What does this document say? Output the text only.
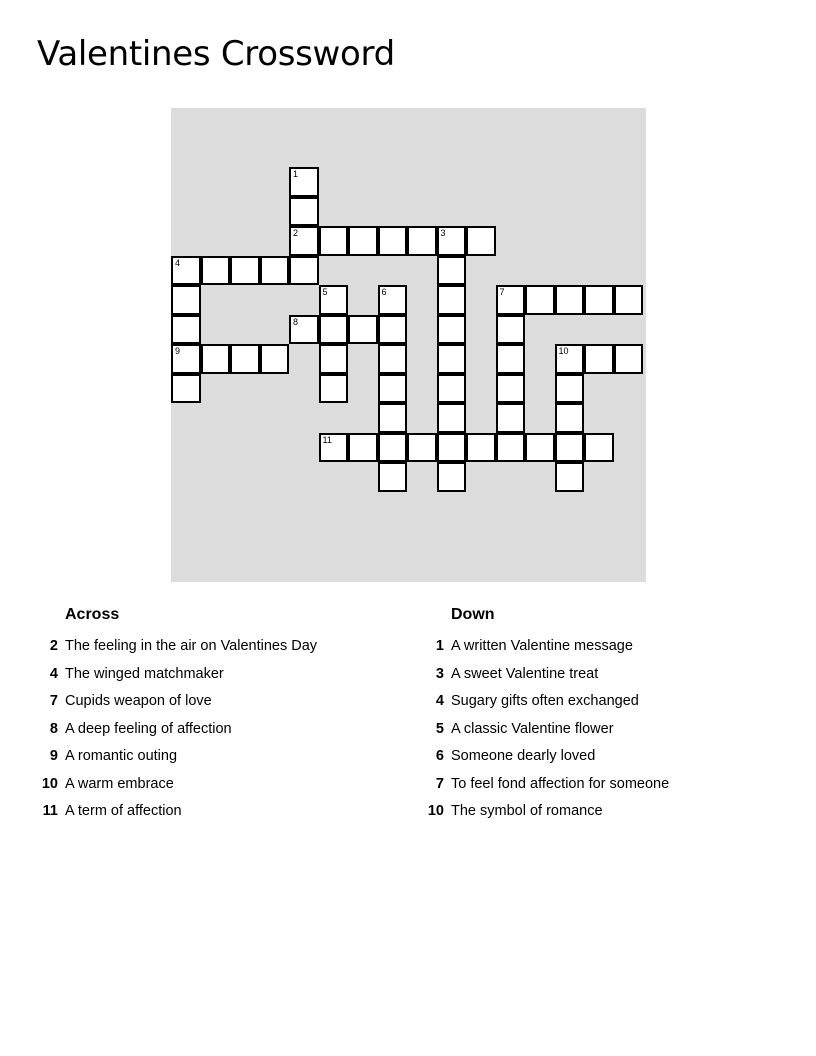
Valentines Crossword
1
2	3
4
5	6	7
8
9	10
11
Across
2 The feeling in the air on Valentines Day
4 The winged matchmaker
7 Cupids weapon of love
8 A deep feeling of affection
9 A romantic outing
10 A warm embrace
11 A term of affection
Down
1 A written Valentine message
3 A sweet Valentine treat
4 Sugary gifts often exchanged
5 A classic Valentine flower
6 Someone dearly loved
7 To feel fond affection for someone
10 The symbol of romance
